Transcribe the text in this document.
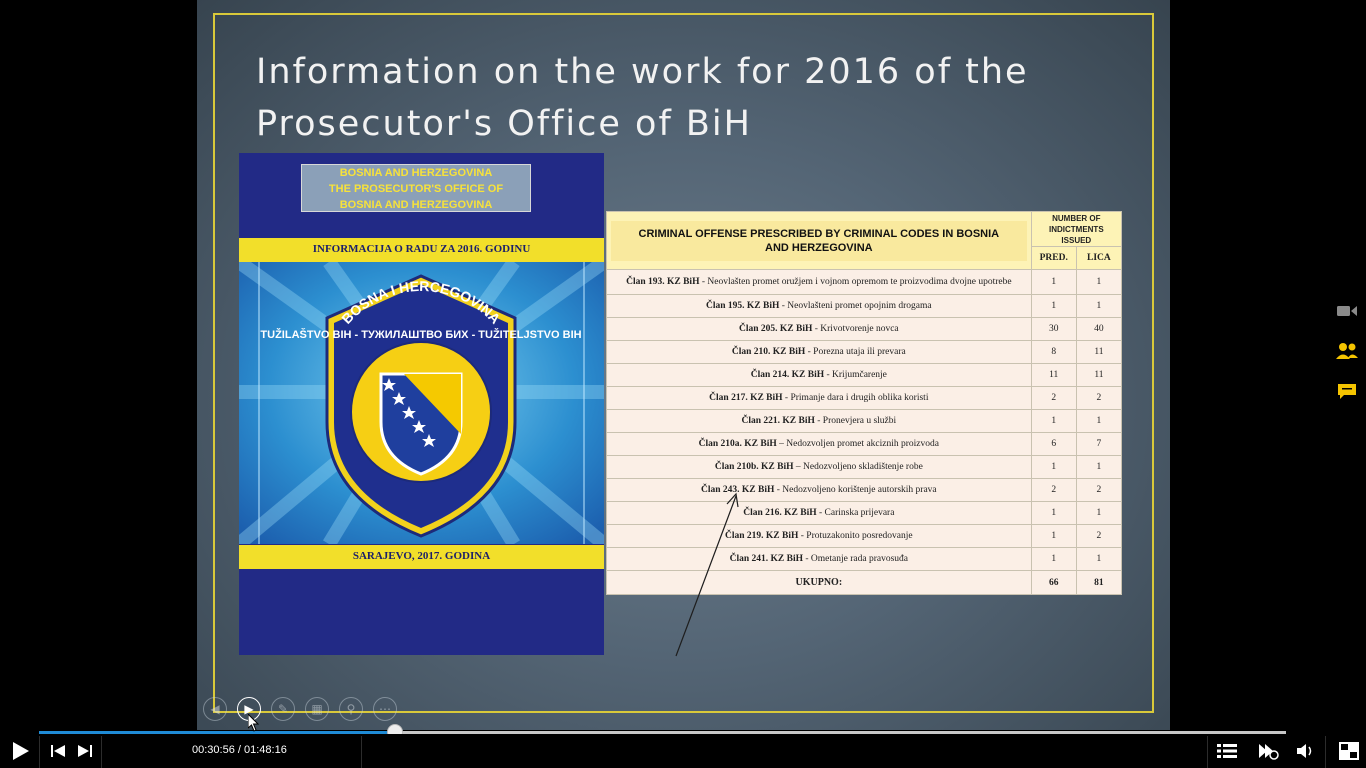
Information on the work for 2016 of the
Prosecutor's Office of BiH
BOSNIA AND HERZEGOVINA
THE PROSECUTOR'S OFFICE OF
BOSNIA AND HERZEGOVINA
INFORMACIJA O RADU ZA 2016. GODINU
BOSNA I HERCEGOVINA
TUŽILAŠTVO BIH - ТУЖИЛАШТВО БИХ - TUŽITELJSTVO BIH
SARAJEVO, 2017. GODINA
CRIMINAL OFFENSE PRESCRIBED BY CRIMINAL CODES IN BOSNIA AND HERZEGOVINA	NUMBER OF INDICTMENTS ISSUED	
	PRED.	LICA
Član 193. KZ BiH - Neovlašten promet oružjem i vojnom opremom te proizvodima dvojne upotrebe	1	1
Član 195. KZ BiH - Neovlašteni promet opojnim drogama	1	1
Član 205. KZ BiH - Krivotvorenje novca	30	40
Član 210. KZ BiH - Porezna utaja ili prevara	8	11
Član 214. KZ BiH - Krijumčarenje	11	11
Član 217. KZ BiH - Primanje dara i drugih oblika koristi	2	2
Član 221. KZ BiH - Pronevjera u službi	1	1
Član 210a. KZ BiH – Nedozvoljen promet akciznih proizvoda	6	7
Član 210b. KZ BiH – Nedozvoljeno skladištenje robe	1	1
Član 243. KZ BiH - Nedozvoljeno korištenje autorskih prava	2	2
Član 216. KZ BiH - Carinska prijevara	1	1
Član 219. KZ BiH - Protuzakonito posredovanje	1	2
Član 241. KZ BiH - Ometanje rada pravosuđa	1	1
UKUPNO:	66	81
◀	▶	✎	▦	⚲	⋯
00:30:56 / 01:48:16
